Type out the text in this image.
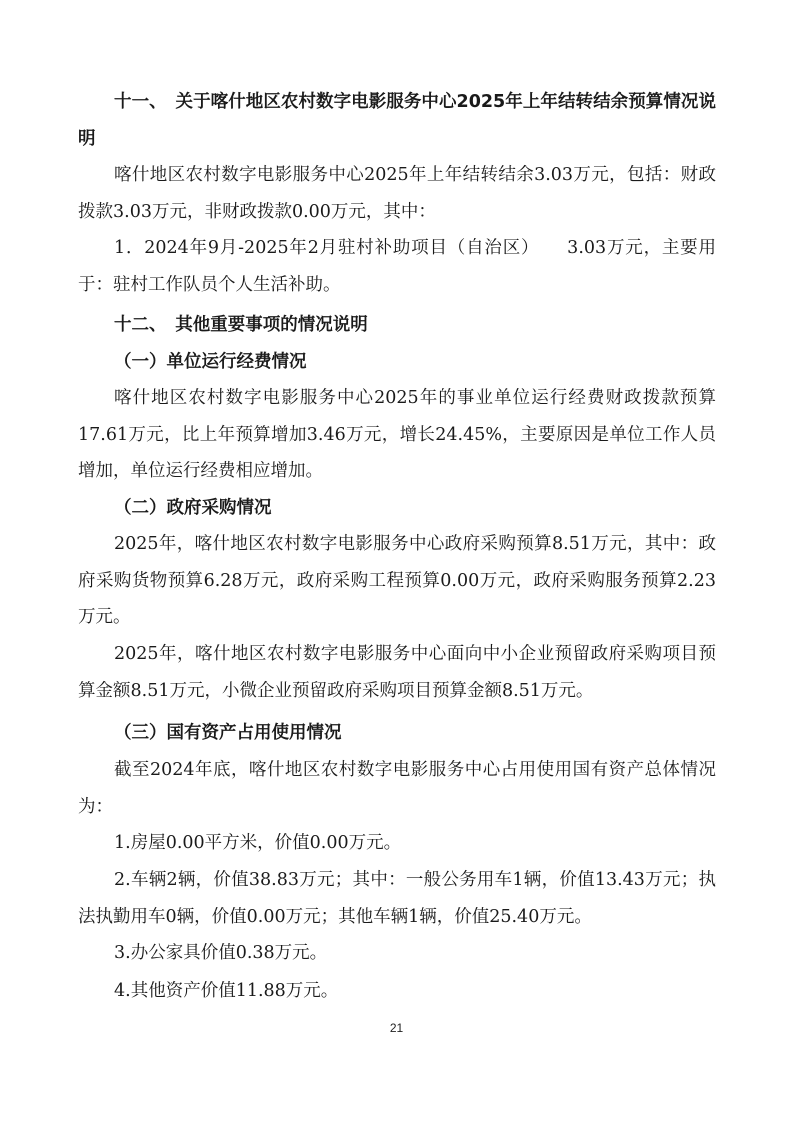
十一、　关于喀什地区农村数字电影服务中心2025年上年结转结余预算情况说明
喀什地区农村数字电影服务中心2025年上年结转结余3.03万元，包括：财政拨款3.03万元，非财政拨款0.00万元，其中：
1．2024年9月-2025年2月驻村补助项目（自治区）　　3.03万元，主要用于：驻村工作队员个人生活补助。
十二、　其他重要事项的情况说明
（一）单位运行经费情况
喀什地区农村数字电影服务中心2025年的事业单位运行经费财政拨款预算17.61万元，比上年预算增加3.46万元，增长24.45%，主要原因是单位工作人员增加，单位运行经费相应增加。
（二）政府采购情况
2025年，喀什地区农村数字电影服务中心政府采购预算8.51万元，其中：政府采购货物预算6.28万元，政府采购工程预算0.00万元，政府采购服务预算2.23万元。
2025年，喀什地区农村数字电影服务中心面向中小企业预留政府采购项目预算金额8.51万元，小微企业预留政府采购项目预算金额8.51万元。
（三）国有资产占用使用情况
截至2024年底，喀什地区农村数字电影服务中心占用使用国有资产总体情况为：
1.房屋0.00平方米，价值0.00万元。
2.车辆2辆，价值38.83万元；其中：一般公务用车1辆，价值13.43万元；执法执勤用车0辆，价值0.00万元；其他车辆1辆，价值25.40万元。
3.办公家具价值0.38万元。
4.其他资产价值11.88万元。
21
